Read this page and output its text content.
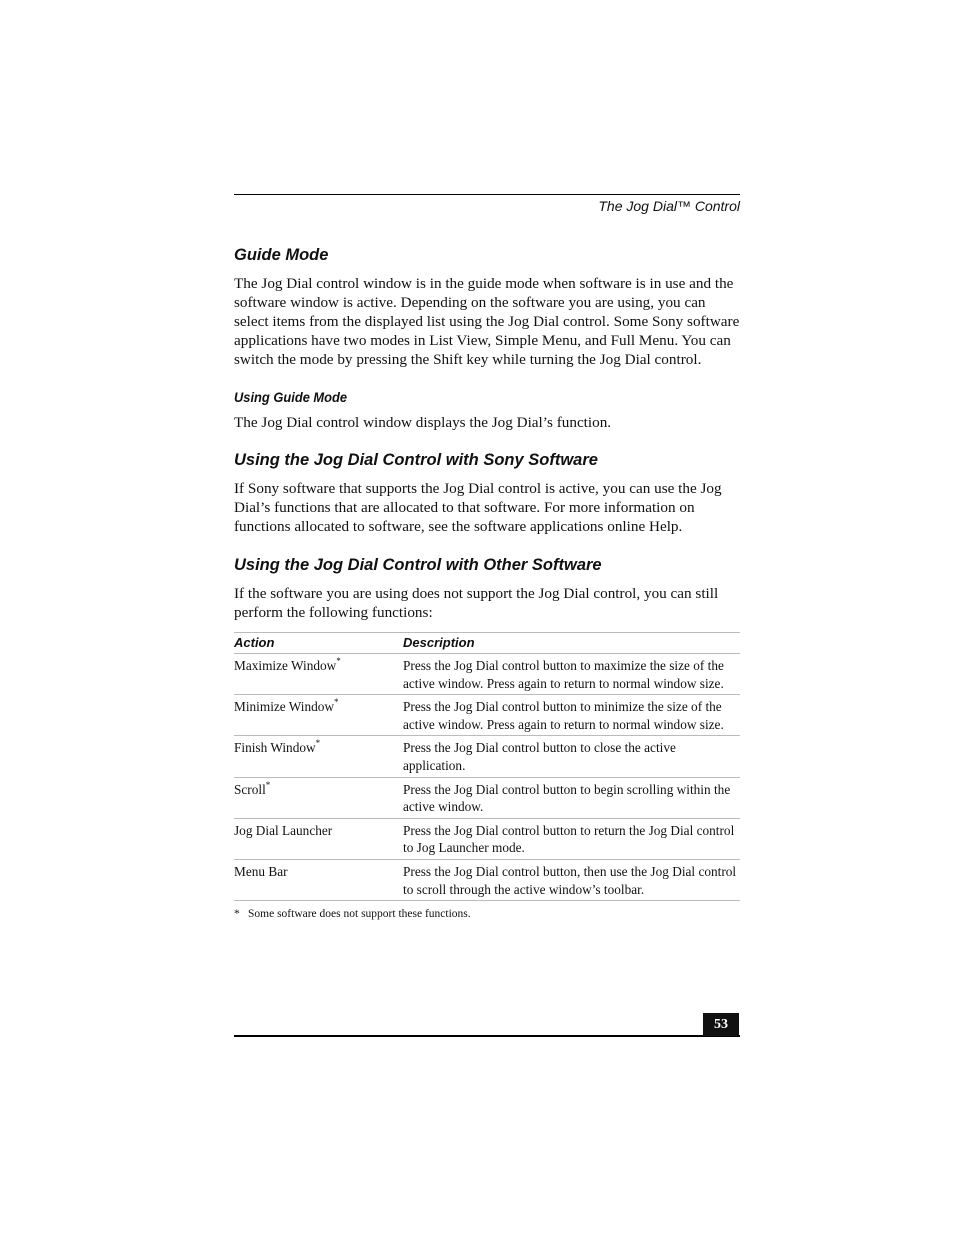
The Jog Dial™ Control
Guide Mode

The Jog Dial control window is in the guide mode when software is in use and the software window is active. Depending on the software you are using, you can select items from the displayed list using the Jog Dial control. Some Sony software applications have two modes in List View, Simple Menu, and Full Menu. You can switch the mode by pressing the Shift key while turning the Jog Dial control.

Using Guide Mode

The Jog Dial control window displays the Jog Dial’s function.

Using the Jog Dial Control with Sony Software

If Sony software that supports the Jog Dial control is active, you can use the Jog Dial’s functions that are allocated to that software. For more information on functions allocated to software, see the software applications online Help.

Using the Jog Dial Control with Other Software

If the software you are using does not support the Jog Dial control, you can still perform the following functions:

Action	Description
Maximize Window*	Press the Jog Dial control button to maximize the size of the active window. Press again to return to normal window size.
Minimize Window*	Press the Jog Dial control button to minimize the size of the active window. Press again to return to normal window size.
Finish Window*	Press the Jog Dial control button to close the active application.
Scroll*	Press the Jog Dial control button to begin scrolling within the active window.
Jog Dial Launcher	Press the Jog Dial control button to return the Jog Dial control to Jog Launcher mode.
Menu Bar	Press the Jog Dial control button, then use the Jog Dial control to scroll through the active window’s toolbar.
* Some software does not support these functions.
53
